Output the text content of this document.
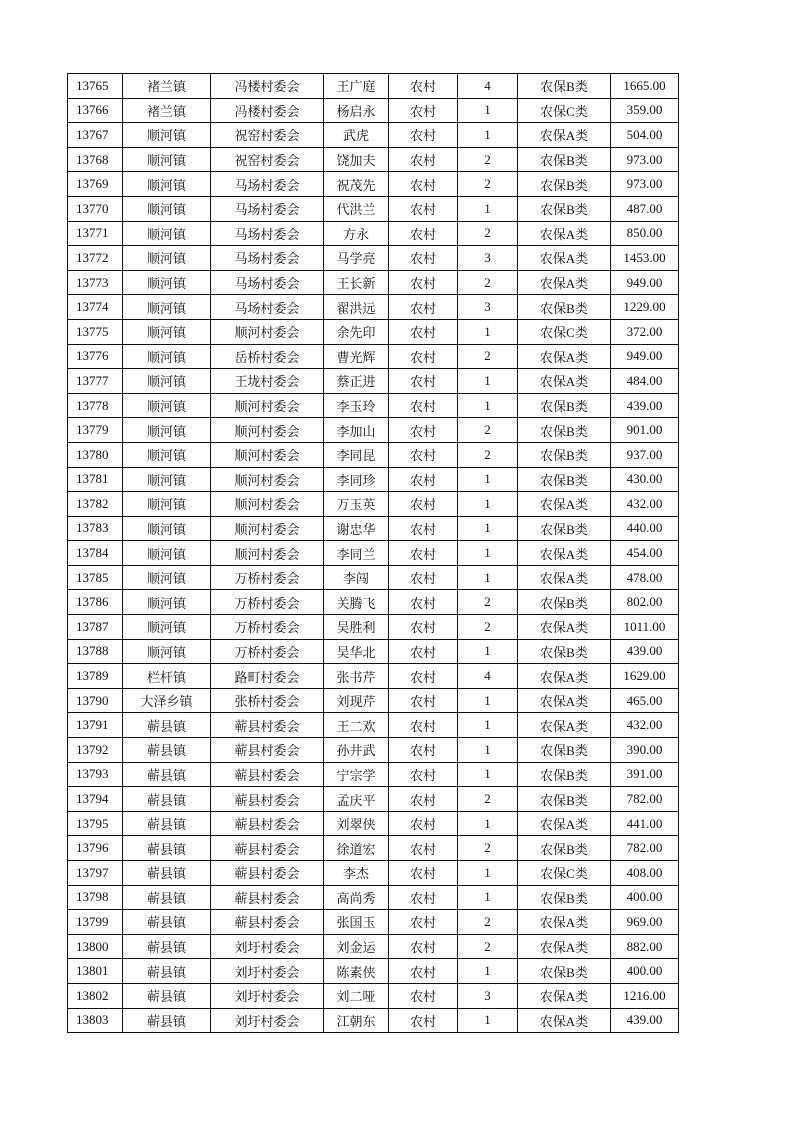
13765	褚兰镇	冯楼村委会	王广庭	农村	4	农保B类	1665.00
13766	褚兰镇	冯楼村委会	杨启永	农村	1	农保C类	359.00
13767	顺河镇	祝窑村委会	武虎	农村	1	农保A类	504.00
13768	顺河镇	祝窑村委会	饶加夫	农村	2	农保B类	973.00
13769	顺河镇	马场村委会	祝茂先	农村	2	农保B类	973.00
13770	顺河镇	马场村委会	代洪兰	农村	1	农保B类	487.00
13771	顺河镇	马场村委会	方永	农村	2	农保A类	850.00
13772	顺河镇	马场村委会	马学亮	农村	3	农保A类	1453.00
13773	顺河镇	马场村委会	王长新	农村	2	农保A类	949.00
13774	顺河镇	马场村委会	翟洪远	农村	3	农保B类	1229.00
13775	顺河镇	顺河村委会	余先印	农村	1	农保C类	372.00
13776	顺河镇	岳桥村委会	曹光辉	农村	2	农保A类	949.00
13777	顺河镇	王垅村委会	蔡正进	农村	1	农保A类	484.00
13778	顺河镇	顺河村委会	李玉玲	农村	1	农保B类	439.00
13779	顺河镇	顺河村委会	李加山	农村	2	农保B类	901.00
13780	顺河镇	顺河村委会	李同昆	农村	2	农保B类	937.00
13781	顺河镇	顺河村委会	李同珍	农村	1	农保B类	430.00
13782	顺河镇	顺河村委会	万玉英	农村	1	农保A类	432.00
13783	顺河镇	顺河村委会	谢忠华	农村	1	农保B类	440.00
13784	顺河镇	顺河村委会	李同兰	农村	1	农保A类	454.00
13785	顺河镇	万桥村委会	李闯	农村	1	农保A类	478.00
13786	顺河镇	万桥村委会	关腾飞	农村	2	农保B类	802.00
13787	顺河镇	万桥村委会	吴胜利	农村	2	农保A类	1011.00
13788	顺河镇	万桥村委会	吴华北	农村	1	农保B类	439.00
13789	栏杆镇	路町村委会	张书芹	农村	4	农保A类	1629.00
13790	大泽乡镇	张桥村委会	刘现芹	农村	1	农保A类	465.00
13791	蕲县镇	蕲县村委会	王二欢	农村	1	农保A类	432.00
13792	蕲县镇	蕲县村委会	孙井武	农村	1	农保B类	390.00
13793	蕲县镇	蕲县村委会	宁宗学	农村	1	农保B类	391.00
13794	蕲县镇	蕲县村委会	孟庆平	农村	2	农保B类	782.00
13795	蕲县镇	蕲县村委会	刘翠侠	农村	1	农保A类	441.00
13796	蕲县镇	蕲县村委会	徐道宏	农村	2	农保B类	782.00
13797	蕲县镇	蕲县村委会	李杰	农村	1	农保C类	408.00
13798	蕲县镇	蕲县村委会	高尚秀	农村	1	农保B类	400.00
13799	蕲县镇	蕲县村委会	张国玉	农村	2	农保A类	969.00
13800	蕲县镇	刘圩村委会	刘金运	农村	2	农保A类	882.00
13801	蕲县镇	刘圩村委会	陈素侠	农村	1	农保B类	400.00
13802	蕲县镇	刘圩村委会	刘二哑	农村	3	农保A类	1216.00
13803	蕲县镇	刘圩村委会	江朝东	农村	1	农保A类	439.00
